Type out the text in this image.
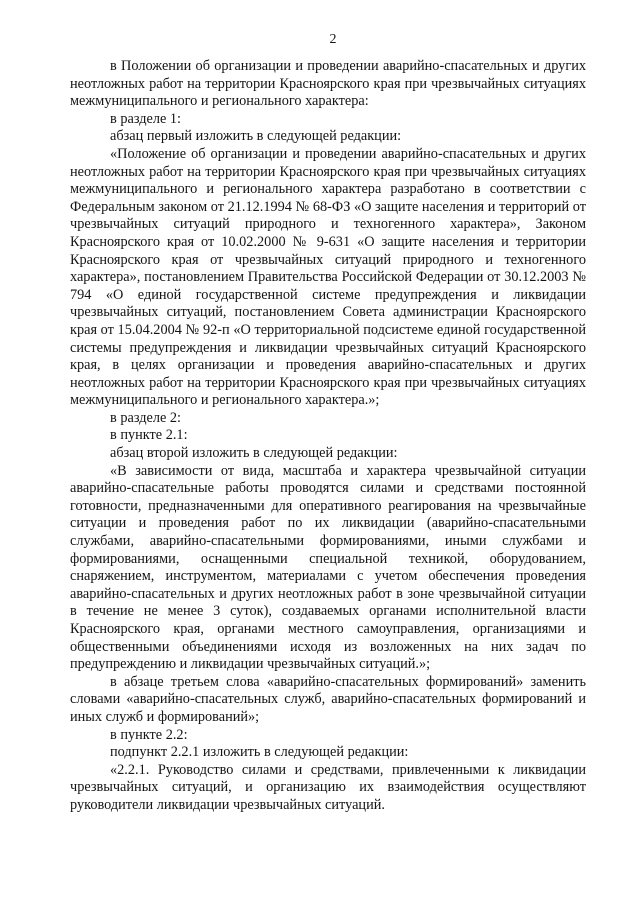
2

в Положении об организации и проведении аварийно-спасательных и других неотложных работ на территории Красноярского края при чрезвычайных ситуациях межмуниципального и регионального характера:

в разделе 1:

абзац первый изложить в следующей редакции:

«Положение об организации и проведении аварийно-спасательных и других неотложных работ на территории Красноярского края при чрезвычайных ситуациях межмуниципального и регионального характера разработано в соответствии с Федеральным законом от 21.12.1994 № 68-ФЗ «О защите населения и территорий от чрезвычайных ситуаций природного и техногенного характера», Законом Красноярского края от 10.02.2000 № 9-631 «О защите населения и территории Красноярского края от чрезвычайных ситуаций природного и техногенного характера», постановлением Правительства Российской Федерации от 30.12.2003 № 794 «О единой государственной системе предупреждения и ликвидации чрезвычайных ситуаций, постановлением Совета администрации Красноярского края от 15.04.2004 № 92-п «О территориальной подсистеме единой государственной системы предупреждения и ликвидации чрезвычайных ситуаций Красноярского края, в целях организации и проведения аварийно-спасательных и других неотложных работ на территории Красноярского края при чрезвычайных ситуациях межмуниципального и регионального характера.»;

в разделе 2:

в пункте 2.1:

абзац второй изложить в следующей редакции:

«В зависимости от вида, масштаба и характера чрезвычайной ситуации аварийно-спасательные работы проводятся силами и средствами постоянной готовности, предназначенными для оперативного реагирования на чрезвычайные ситуации и проведения работ по их ликвидации (аварийно-спасательными службами, аварийно-спасательными формированиями, иными службами и формированиями, оснащенными специальной техникой, оборудованием, снаряжением, инструментом, материалами с учетом обеспечения проведения аварийно-спасательных и других неотложных работ в зоне чрезвычайной ситуации в течение не менее 3 суток), создаваемых органами исполнительной власти Красноярского края, органами местного самоуправления, организациями и общественными объединениями исходя из возложенных на них задач по предупреждению и ликвидации чрезвычайных ситуаций.»;

в абзаце третьем слова «аварийно-спасательных формирований» заменить словами «аварийно-спасательных служб, аварийно-спасательных формирований и иных служб и формирований»;

в пункте 2.2:

подпункт 2.2.1 изложить в следующей редакции:

«2.2.1. Руководство силами и средствами, привлеченными к ликвидации чрезвычайных ситуаций, и организацию их взаимодействия осуществляют руководители ликвидации чрезвычайных ситуаций.
